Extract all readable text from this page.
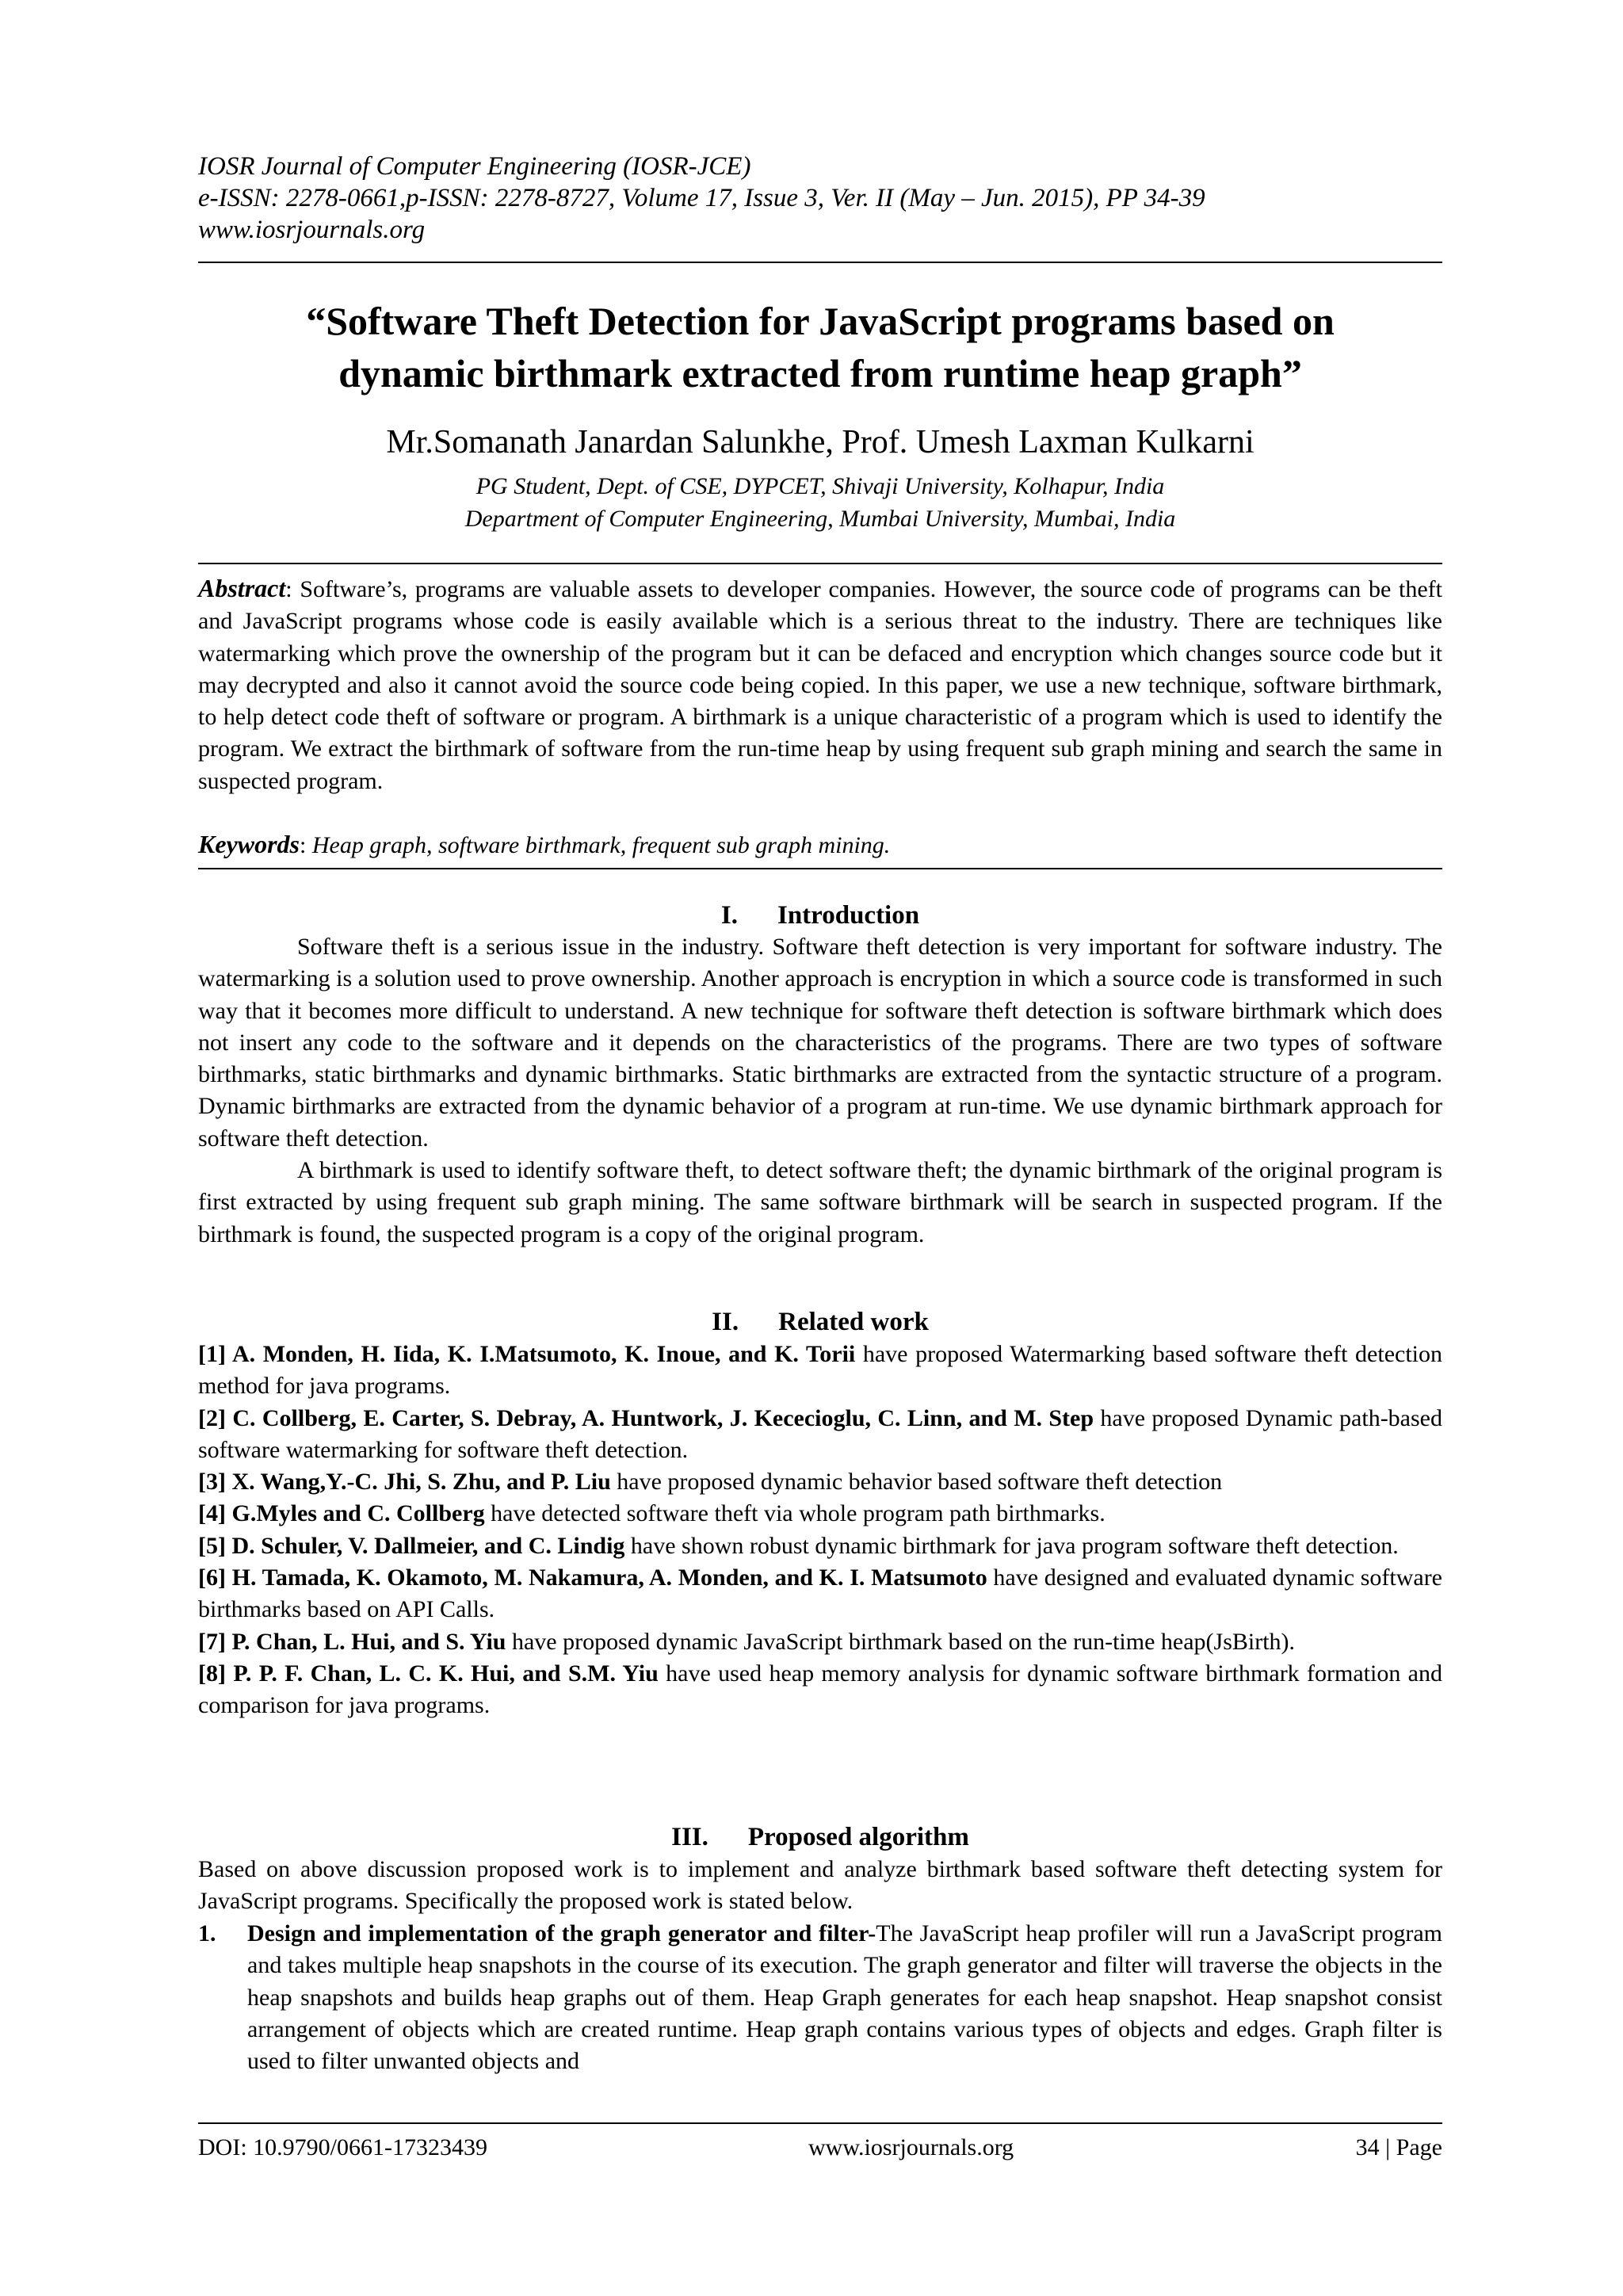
IOSR Journal of Computer Engineering (IOSR-JCE)
e-ISSN: 2278-0661,p-ISSN: 2278-8727, Volume 17, Issue 3, Ver. II (May – Jun. 2015), PP 34-39
www.iosrjournals.org
“Software Theft Detection for JavaScript programs based on
dynamic birthmark extracted from runtime heap graph”
Mr.Somanath Janardan Salunkhe, Prof. Umesh Laxman Kulkarni
PG Student, Dept. of CSE, DYPCET, Shivaji University, Kolhapur, India
Department of Computer Engineering, Mumbai University, Mumbai, India
Abstract: Software’s, programs are valuable assets to developer companies. However, the source code of programs can be theft and JavaScript programs whose code is easily available which is a serious threat to the industry. There are techniques like watermarking which prove the ownership of the program but it can be defaced and encryption which changes source code but it may decrypted and also it cannot avoid the source code being copied. In this paper, we use a new technique, software birthmark, to help detect code theft of software or program. A birthmark is a unique characteristic of a program which is used to identify the program. We extract the birthmark of software from the run-time heap by using frequent sub graph mining and search the same in suspected program.
Keywords: Heap graph, software birthmark, frequent sub graph mining.
I. Introduction

Software theft is a serious issue in the industry. Software theft detection is very important for software industry. The watermarking is a solution used to prove ownership. Another approach is encryption in which a source code is transformed in such way that it becomes more difficult to understand. A new technique for software theft detection is software birthmark which does not insert any code to the software and it depends on the characteristics of the programs. There are two types of software birthmarks, static birthmarks and dynamic birthmarks. Static birthmarks are extracted from the syntactic structure of a program. Dynamic birthmarks are extracted from the dynamic behavior of a program at run-time. We use dynamic birthmark approach for software theft detection.

A birthmark is used to identify software theft, to detect software theft; the dynamic birthmark of the original program is first extracted by using frequent sub graph mining. The same software birthmark will be search in suspected program. If the birthmark is found, the suspected program is a copy of the original program.

II. Related work

[1] A. Monden, H. Iida, K. I.Matsumoto, K. Inoue, and K. Torii have proposed Watermarking based software theft detection method for java programs.

[2] C. Collberg, E. Carter, S. Debray, A. Huntwork, J. Kececioglu, C. Linn, and M. Step have proposed Dynamic path-based software watermarking for software theft detection.

[3] X. Wang,Y.-C. Jhi, S. Zhu, and P. Liu have proposed dynamic behavior based software theft detection

[4] G.Myles and C. Collberg have detected software theft via whole program path birthmarks.

[5] D. Schuler, V. Dallmeier, and C. Lindig have shown robust dynamic birthmark for java program software theft detection.

[6] H. Tamada, K. Okamoto, M. Nakamura, A. Monden, and K. I. Matsumoto have designed and evaluated dynamic software birthmarks based on API Calls.

[7] P. Chan, L. Hui, and S. Yiu have proposed dynamic JavaScript birthmark based on the run-time heap(JsBirth).

[8] P. P. F. Chan, L. C. K. Hui, and S.M. Yiu have used heap memory analysis for dynamic software birthmark formation and comparison for java programs.

III. Proposed algorithm

Based on above discussion proposed work is to implement and analyze birthmark based software theft detecting system for JavaScript programs. Specifically the proposed work is stated below.

1. Design and implementation of the graph generator and filter-The JavaScript heap profiler will run a JavaScript program and takes multiple heap snapshots in the course of its execution. The graph generator and filter will traverse the objects in the heap snapshots and builds heap graphs out of them. Heap Graph generates for each heap snapshot. Heap snapshot consist arrangement of objects which are created runtime. Heap graph contains various types of objects and edges. Graph filter is used to filter unwanted objects and
DOI: 10.9790/0661-17323439	www.iosrjournals.org	34 | Page
